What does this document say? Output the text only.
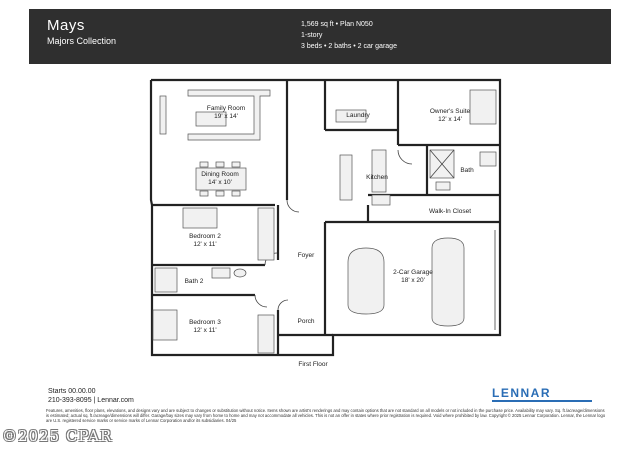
Mays
Majors Collection
1,569 sq ft • Plan N050
1-story
3 beds • 2 baths • 2 car garage
Family Room
19' x 14'
Owner's Suite
12' x 14'
Laundry
Dining Room
14' x 10'
Kitchen
Bath
Walk-In Closet
Bedroom 2
12' x 11'
Foyer
2-Car Garage
18' x 20'
Bath 2
Bedroom 3
12' x 11'
Porch
First Floor
Starts 00.00.00
210-393-8095 | Lennar.com
LENNAR
Features, amenities, floor plans, elevations, and designs vary and are subject to changes or substitution without notice. Items shown are artist's renderings and may contain options that are not standard on all models or not included in the purchase price. Availability may vary. Sq. ft./acreage/dimensions is estimated; actual sq. ft./acreage/dimensions will differ. Garage/bay sizes may vary from home to home and may not accommodate all vehicles. This is not an offer in states where prior registration is required. Void where prohibited by law. Copyright © 2025 Lennar Corporation. Lennar, the Lennar logo are U.S. registered service marks or service marks of Lennar Corporation and/or its subsidiaries. 04/25
©2025 CPAR
